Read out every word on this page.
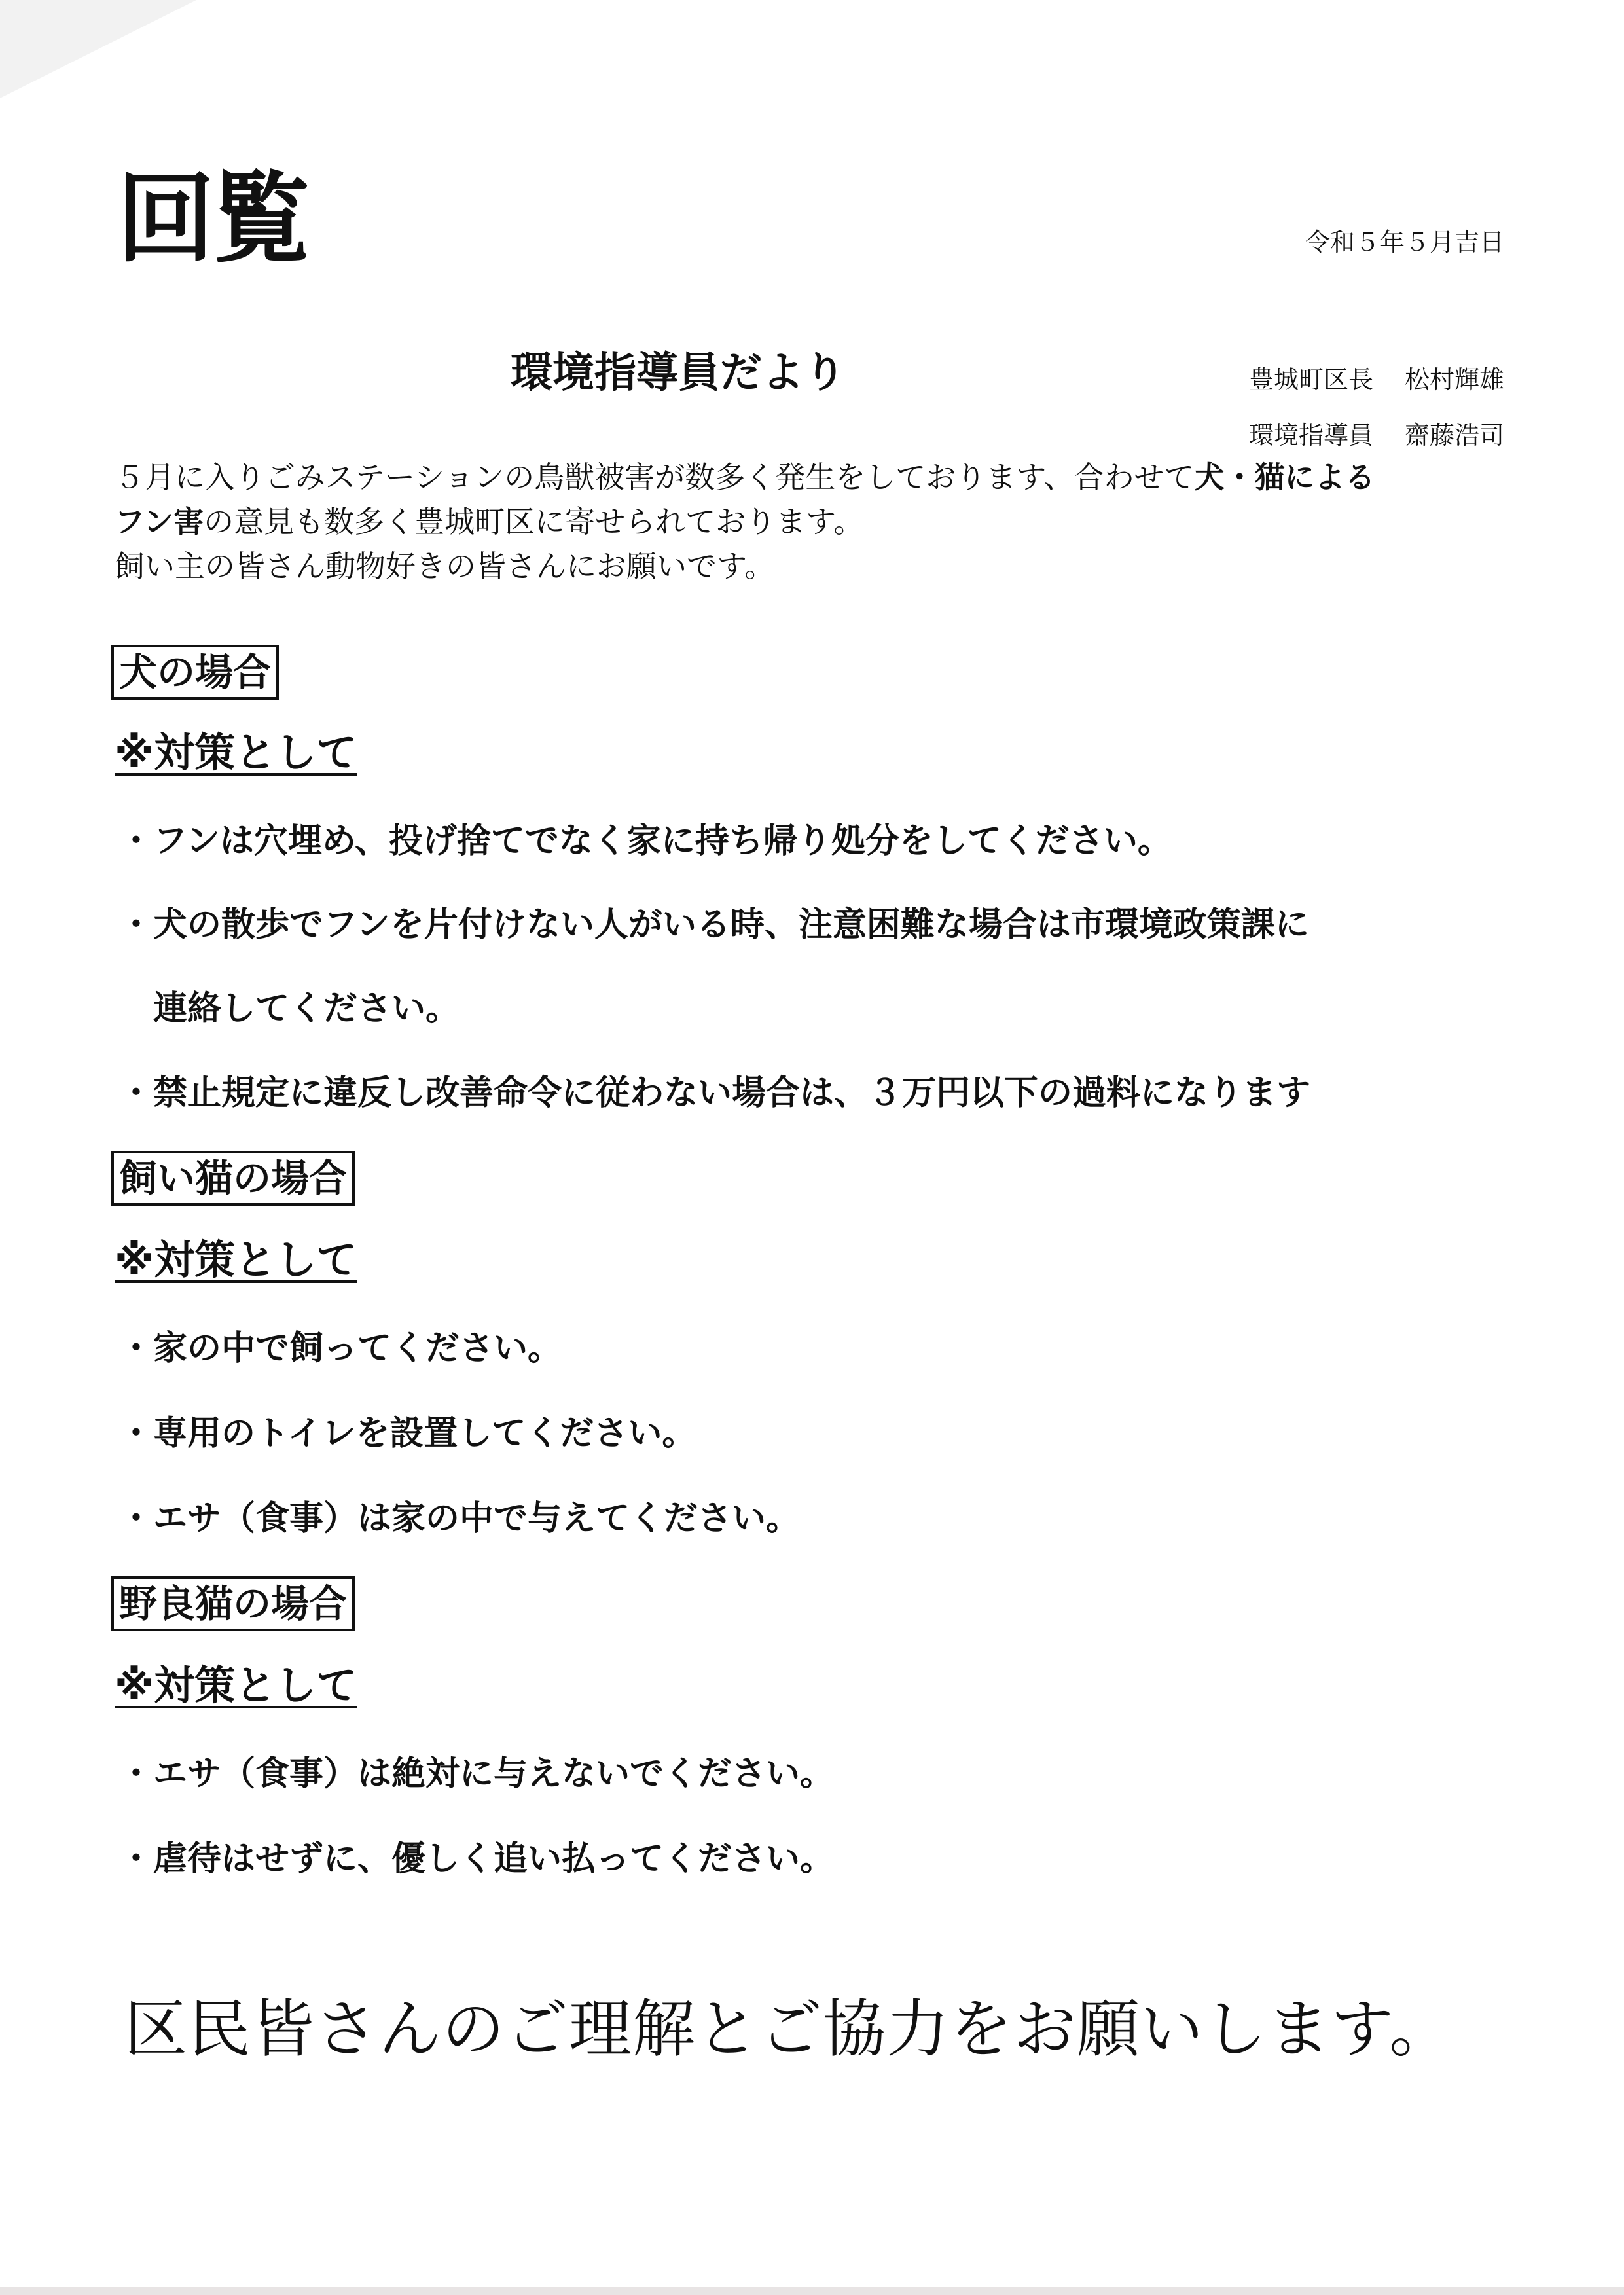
回覧	令和５年５月吉日
環境指導員だより	豊城町区長 松村輝雄
環境指導員 齋藤浩司

５月に入りごみステーションの鳥獣被害が数多く発生をしております、合わせて犬・猫による

フン害の意見も数多く豊城町区に寄せられております。

飼い主の皆さん動物好きの皆さんにお願いです。

犬の場合
※対策として
・フンは穴埋め、投げ捨てでなく家に持ち帰り処分をしてください。
・犬の散歩でフンを片付けない人がいる時、注意困難な場合は市環境政策課に
連絡してください。
・禁止規定に違反し改善命令に従わない場合は、３万円以下の過料になります
飼い猫の場合
※対策として
・家の中で飼ってください。
・専用のトイレを設置してください。
・エサ（食事）は家の中で与えてください。
野良猫の場合
※対策として
・エサ（食事）は絶対に与えないでください。
・虐待はせずに、優しく追い払ってください。
区民皆さんのご理解とご協力をお願いします。
